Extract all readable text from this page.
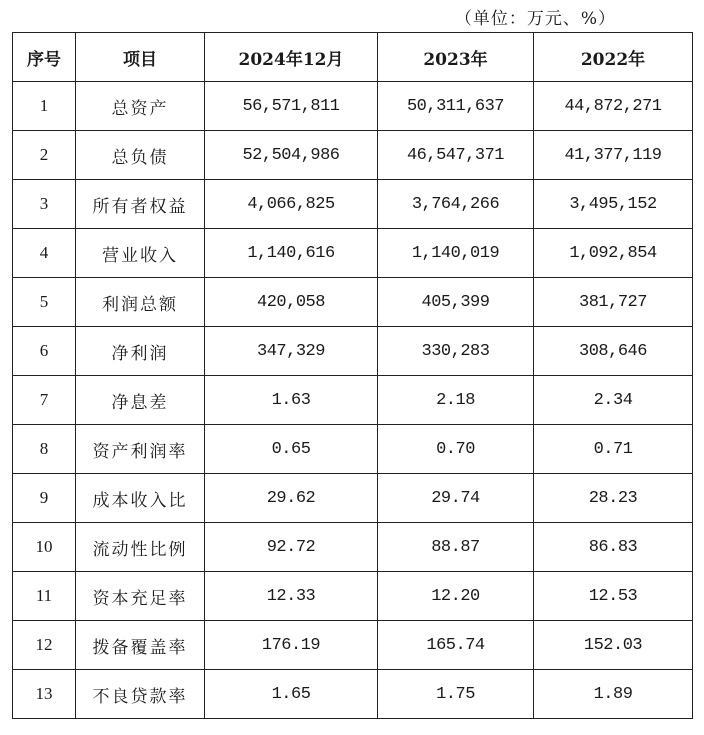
（单位：万元、%）
序号	项目	2024年12月	2023年	2022年
1	总资产	56,571,811	50,311,637	44,872,271
2	总负债	52,504,986	46,547,371	41,377,119
3	所有者权益	4,066,825	3,764,266	3,495,152
4	营业收入	1,140,616	1,140,019	1,092,854
5	利润总额	420,058	405,399	381,727
6	净利润	347,329	330,283	308,646
7	净息差	1.63	2.18	2.34
8	资产利润率	0.65	0.70	0.71
9	成本收入比	29.62	29.74	28.23
10	流动性比例	92.72	88.87	86.83
11	资本充足率	12.33	12.20	12.53
12	拨备覆盖率	176.19	165.74	152.03
13	不良贷款率	1.65	1.75	1.89
